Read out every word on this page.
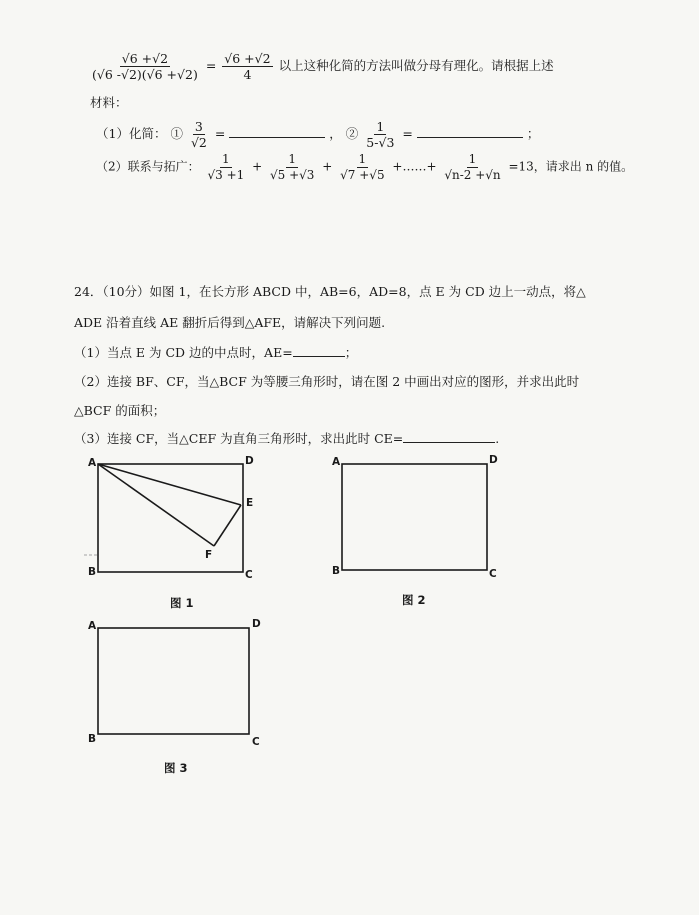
$\frac{√6 +√2}{(√6 -√2)(√6 +√2)} = \frac{√6 +√2}{4}$ 以上这种化简的方法叫做分母有理化。请根据上述
材料：
（1）化简： ① $\frac{3}{√2}$ =	， ② $\frac{1}{5-√3}$ =	；
（2）联系与拓广： $\frac{1}{√3 +1} + \frac{1}{√5 +√3} + \frac{1}{√7 +√5}$ +……+ $\frac{1}{√n-2 +√n} =13$，请求出 n 的值。
24．（10分）如图 1，在长方形 ABCD 中，AB=6，AD=8，点 E 为 CD 边上一动点，将△
ADE 沿着直线 AE 翻折后得到△AFE，请解决下列问题.
（1）当点 E 为 CD 边的中点时，AE=	；
（2）连接 BF、CF，当△BCF 为等腰三角形时，请在图 2 中画出对应的图形，并求出此时
△BCF 的面积；
（3）连接 CF，当△CEF 为直角三角形时，求出此时 CE=	.
A	D
E
F
B	C
图 1
A	D
B	C
图 2
A	D
B	C
图 3
